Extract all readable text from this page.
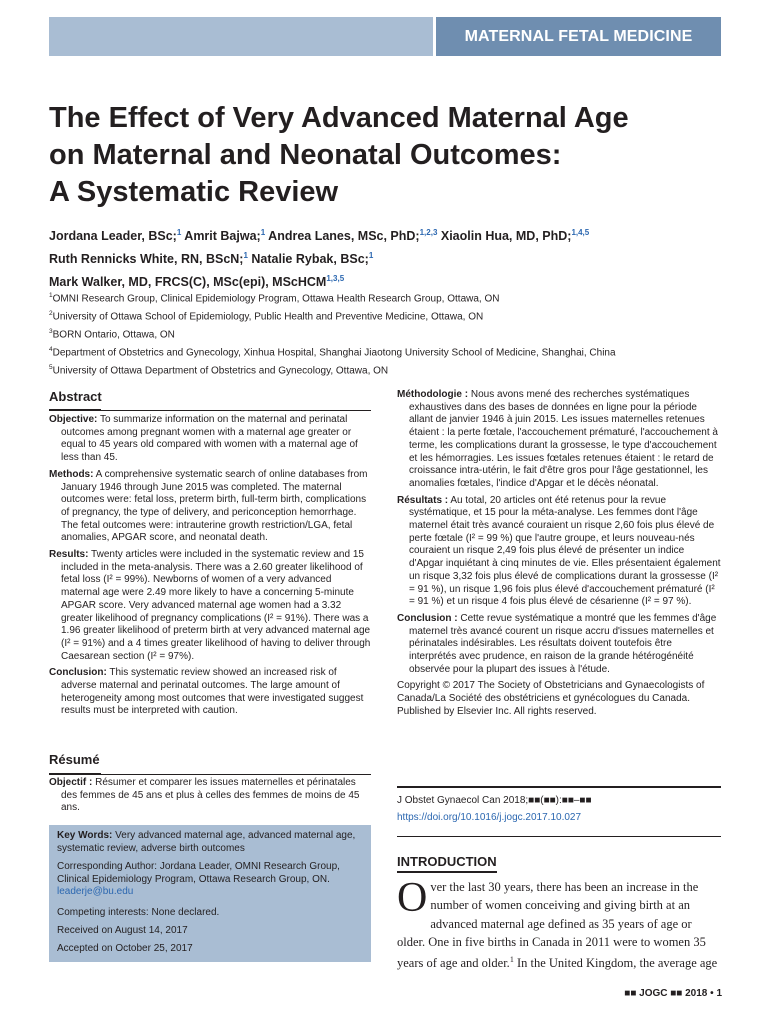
MATERNAL FETAL MEDICINE
The Effect of Very Advanced Maternal Age
on Maternal and Neonatal Outcomes:
A Systematic Review
Jordana Leader, BSc;$^1$ Amrit Bajwa;$^1$ Andrea Lanes, MSc, PhD;$^{1,2,3}$ Xiaolin Hua, MD, PhD;$^{1,4,5}$
Ruth Rennicks White, RN, BScN;$^1$ Natalie Rybak, BSc;$^1$
Mark Walker, MD, FRCS(C), MSc(epi), MScHCM$^{1,3,5}$
$^1$OMNI Research Group, Clinical Epidemiology Program, Ottawa Health Research Group, Ottawa, ON
$^2$University of Ottawa School of Epidemiology, Public Health and Preventive Medicine, Ottawa, ON
$^3$BORN Ontario, Ottawa, ON
$^4$Department of Obstetrics and Gynecology, Xinhua Hospital, Shanghai Jiaotong University School of Medicine, Shanghai, China
$^5$University of Ottawa Department of Obstetrics and Gynecology, Ottawa, ON
Abstract

Objective: To summarize information on the maternal and perinatal outcomes among pregnant women with a maternal age greater or equal to 45 years old compared with women with a maternal age of less than 45.

Methods: A comprehensive systematic search of online databases from January 1946 through June 2015 was completed. The maternal outcomes were: fetal loss, preterm birth, full-term birth, complications of pregnancy, the type of delivery, and periconception hemorrhage. The fetal outcomes were: intrauterine growth restriction/LGA, fetal anomalies, APGAR score, and neonatal death.

Results: Twenty articles were included in the systematic review and 15 included in the meta-analysis. There was a 2.60 greater likelihood of fetal loss (I² = 99%). Newborns of women of a very advanced maternal age were 2.49 more likely to have a concerning 5-minute APGAR score. Very advanced maternal age women had a 3.32 greater likelihood of pregnancy complications (I² = 91%). There was a 1.96 greater likelihood of preterm birth at very advanced maternal age (I² = 91%) and a 4 times greater likelihood of having to deliver through Caesarean section (I² = 97%).

Conclusion: This systematic review showed an increased risk of adverse maternal and perinatal outcomes. The large amount of heterogeneity among most outcomes that were investigated suggest results must be interpreted with caution.

Résumé

Objectif : Résumer et comparer les issues maternelles et périnatales des femmes de 45 ans et plus à celles des femmes de moins de 45 ans.

Key Words: Very advanced maternal age, advanced maternal age, systematic review, adverse birth outcomes
Corresponding Author: Jordana Leader, OMNI Research Group, Clinical Epidemiology Program, Ottawa Research Group, ON.
leaderje@bu.edu
Competing interests: None declared.
Received on August 14, 2017
Accepted on October 25, 2017

Méthodologie : Nous avons mené des recherches systématiques exhaustives dans des bases de données en ligne pour la période allant de janvier 1946 à juin 2015. Les issues maternelles retenues étaient : la perte fœtale, l'accouchement prématuré, l'accouchement à terme, les complications durant la grossesse, le type d'accouchement et les hémorragies. Les issues fœtales retenues étaient : le retard de croissance intra-utérin, le fait d'être gros pour l'âge gestationnel, les anomalies fœtales, l'indice d'Apgar et le décès néonatal.

Résultats : Au total, 20 articles ont été retenus pour la revue systématique, et 15 pour la méta-analyse. Les femmes dont l'âge maternel était très avancé couraient un risque 2,60 fois plus élevé de perte fœtale (I² = 99 %) que l'autre groupe, et leurs nouveau-nés couraient un risque 2,49 fois plus élevé de présenter un indice d'Apgar inquiétant à cinq minutes de vie. Elles présentaient également un risque 3,32 fois plus élevé de complications durant la grossesse (I² = 91 %), un risque 1,96 fois plus élevé d'accouchement prématuré (I² = 91 %) et un risque 4 fois plus élevé de césarienne (I² = 97 %).

Conclusion : Cette revue systématique a montré que les femmes d'âge maternel très avancé courent un risque accru d'issues maternelles et périnatales indésirables. Les résultats doivent toutefois être interprétés avec prudence, en raison de la grande hétérogénéité observée pour la plupart des issues à l'étude.

Copyright © 2017 The Society of Obstetricians and Gynaecologists of Canada/La Société des obstétriciens et gynécologues du Canada. Published by Elsevier Inc. All rights reserved.

J Obstet Gynaecol Can 2018;■■(■■):■■–■■
https://doi.org/10.1016/j.jogc.2017.10.027
INTRODUCTION
Over the last 30 years, there has been an increase in the number of women conceiving and giving birth at an advanced maternal age defined as 35 years of age or older. One in five births in Canada in 2011 were to women 35 years of age and older.$^1$ In the United Kingdom, the average age
■■ JOGC ■■ 2018 • 1
